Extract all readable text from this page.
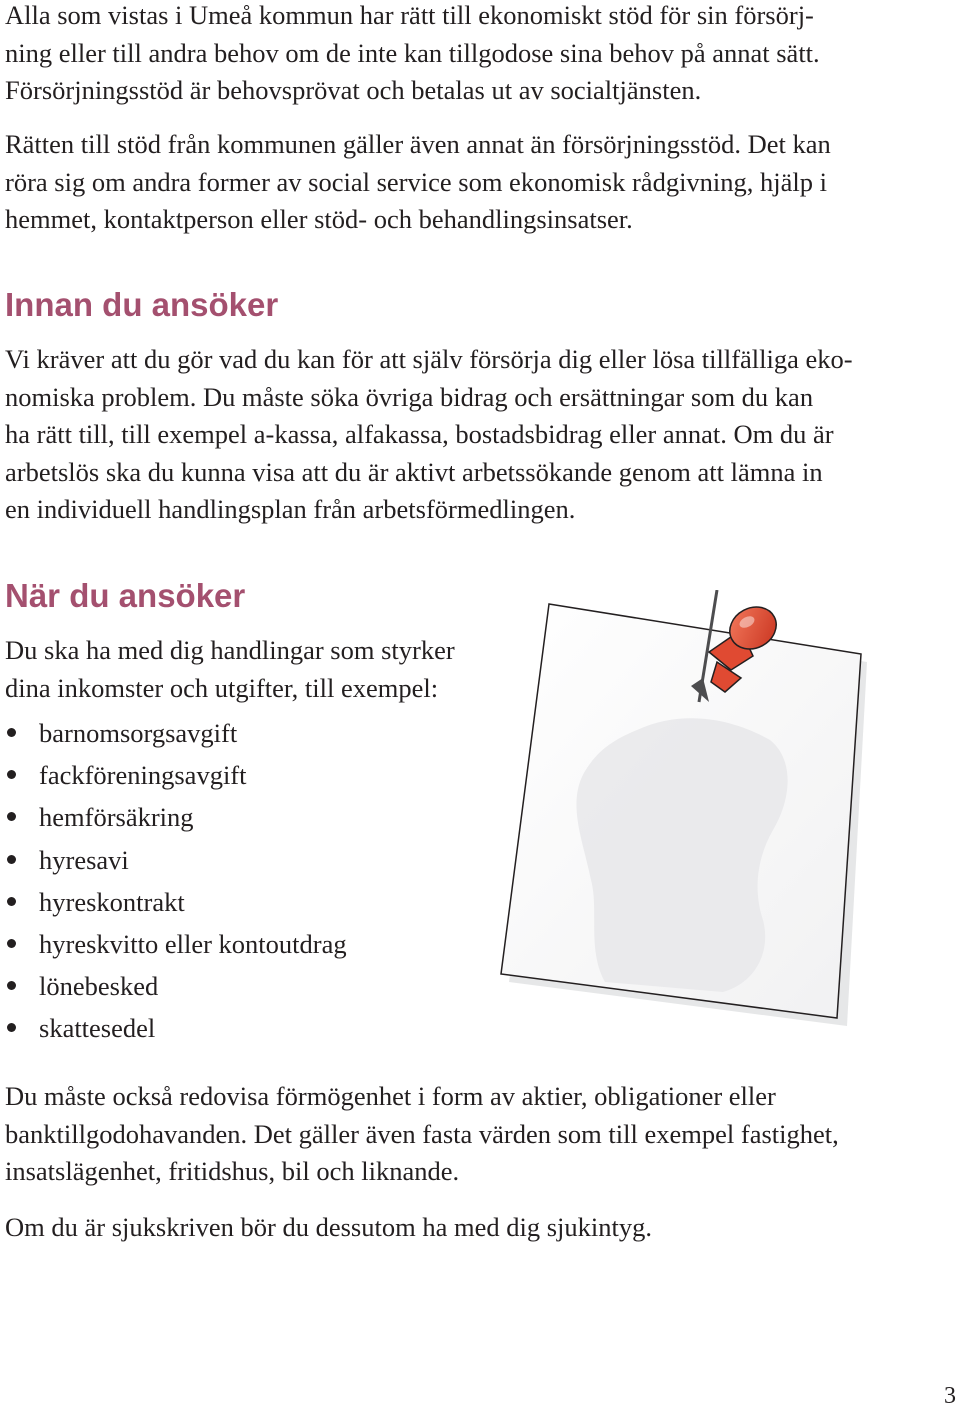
Alla som vistas i Umeå kommun har rätt till ekonomiskt stöd för sin försörj-
ning eller till andra behov om de inte kan tillgodose sina behov på annat sätt.
Försörjningsstöd är behovsprövat och betalas ut av socialtjänsten.
Rätten till stöd från kommunen gäller även annat än försörjningsstöd. Det kan
röra sig om andra former av social service som ekonomisk rådgivning, hjälp i
hemmet, kontaktperson eller stöd- och behandlingsinsatser.
Innan du ansöker
Vi kräver att du gör vad du kan för att själv försörja dig eller lösa tillfälliga eko-
nomiska problem. Du måste söka övriga bidrag och ersättningar som du kan
ha rätt till, till exempel a-kassa, alfakassa, bostadsbidrag eller annat. Om du är
arbetslös ska du kunna visa att du är aktivt arbetssökande genom att lämna in
en individuell handlingsplan från arbetsförmedlingen.
När du ansöker
Du ska ha med dig handlingar som styrker
dina inkomster och utgifter, till exempel:
barnomsorgsavgift
fackföreningsavgift
hemförsäkring
hyresavi
hyreskontrakt
hyreskvitto eller kontoutdrag
lönebesked
skattesedel
Du måste också redovisa förmögenhet i form av aktier, obligationer eller
banktillgodohavanden. Det gäller även fasta värden som till exempel fastighet,
insatslägenhet, fritidshus, bil och liknande.
Om du är sjukskriven bör du dessutom ha med dig sjukintyg.
3
